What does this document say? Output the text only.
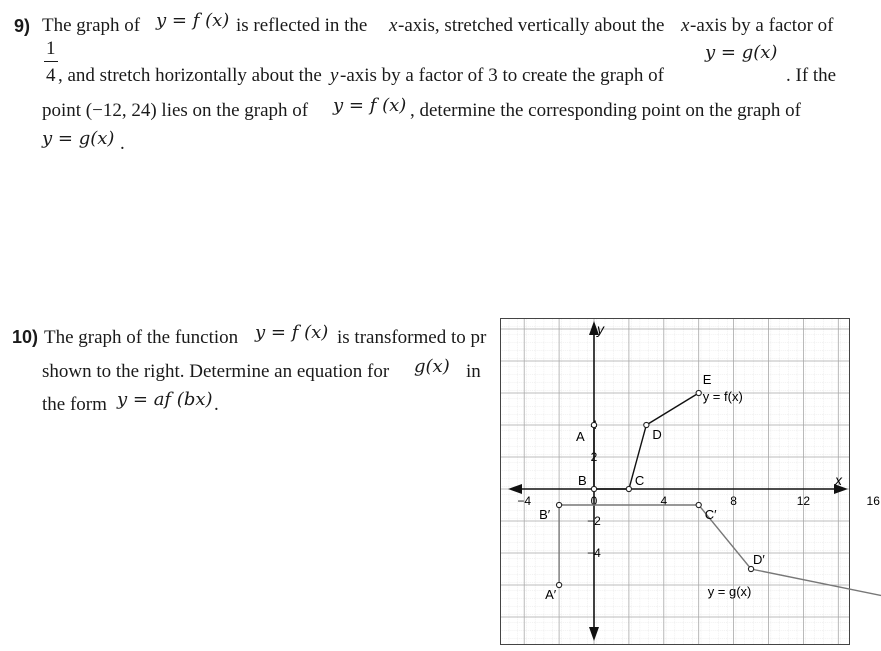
9) The graph of y = f (x) is reflected in the x -axis, stretched vertically about the x -axis by a factor of
1
4 , and stretch horizontally about the y -axis by a factor of 3 to create the graph of
y = g(x)
. If the
point (−12, 24) lies on the graph of y = f (x) , determine the corresponding point on the graph of
y = g(x) .
10) The graph of the function y = f (x) is transformed to pr
shown to the right. Determine an equation for g(x) in
the form y = af (bx) .
−4	0	4	8	12	16
2
−2
−4
y
x
A
B	C
D
E
A′
B′	C′
D′
y = f(x)
y = g(x)
